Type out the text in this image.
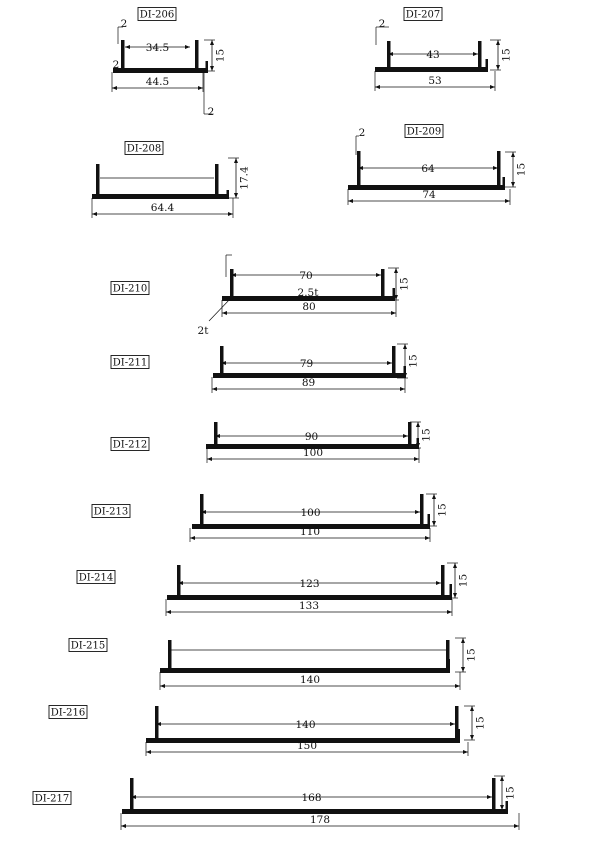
DI-206
34.5
44.5
15
2
2
2
DI-207
43
53
15
2
DI-208
64.4
17.4
DI-209
64
74
15
2
DI-210
70
80
15
2.5t
2t
DI-211	79
89
15
DI-212
90
100
15
DI-213	100
110
15
DI-214	123
133
15
DI-215
140
15
DI-216
140
150
15
DI-217	168
178
15
